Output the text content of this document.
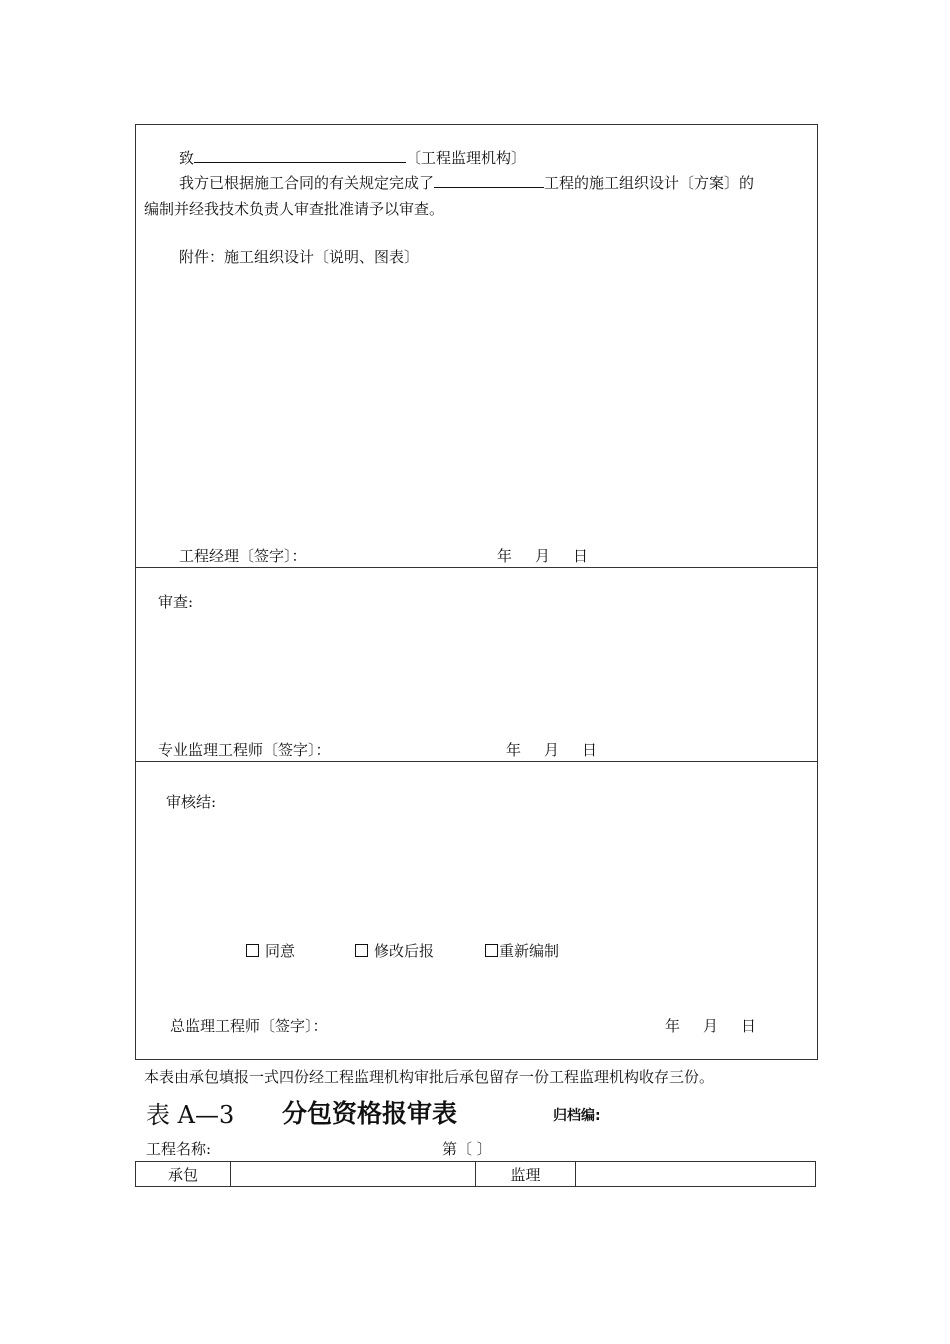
致	〔工程监理机构〕
我方已根据施工合同的有关规定完成了	工程的施工组织设计〔方案〕的
编制并经我技术负责人审查批准请予以审查。
附件：施工组织设计〔说明、图表〕
工程经理〔签字〕：	年 月 日
审查:
专业监理工程师〔签字〕：	年 月 日
审核结:
同意	修改后报	重新编制
总监理工程师〔签字〕：	年 月 日
本表由承包填报一式四份经工程监理机构审批后承包留存一份工程监理机构收存三份。
表 A—3 分包资格报审表	归档编:
工程名称:	第〔 〕
承包		监理	
